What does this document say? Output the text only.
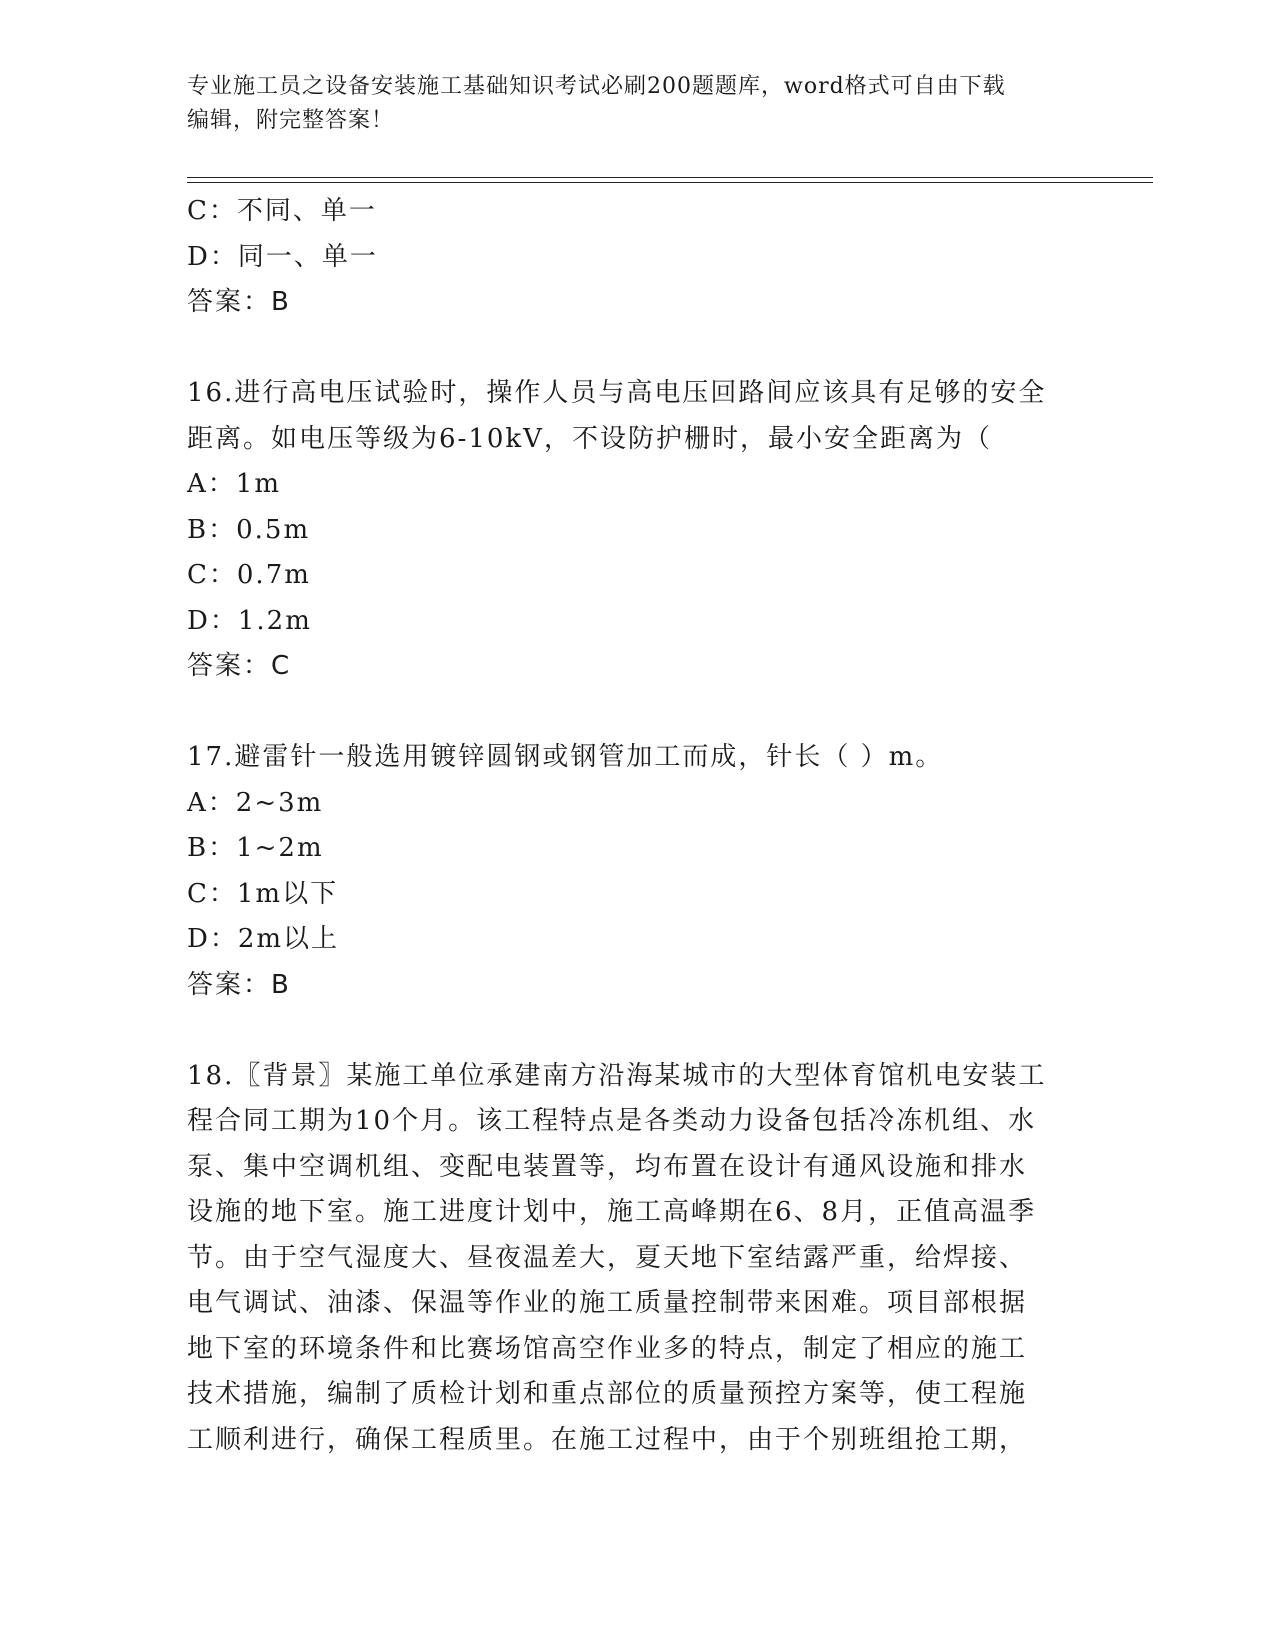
专业施工员之设备安装施工基础知识考试必刷200题题库，word格式可自由下载
编辑，附完整答案！
C：不同、单一
D：同一、单一
答案：B
16.进行高电压试验时，操作人员与高电压回路间应该具有足够的安全
距离。如电压等级为6-10kV，不设防护栅时，最小安全距离为（
A：1m
B：0.5m
C：0.7m
D：1.2m
答案：C
17.避雷针一般选用镀锌圆钢或钢管加工而成，针长（ ）m。
A：2~3m
B：1~2m
C：1m以下
D：2m以上
答案：B
18.〖背景〗某施工单位承建南方沿海某城市的大型体育馆机电安装工
程合同工期为10个月。该工程特点是各类动力设备包括冷冻机组、水
泵、集中空调机组、变配电装置等，均布置在设计有通风设施和排水
设施的地下室。施工进度计划中，施工高峰期在6、8月，正值高温季
节。由于空气湿度大、昼夜温差大，夏天地下室结露严重，给焊接、
电气调试、油漆、保温等作业的施工质量控制带来困难。项目部根据
地下室的环境条件和比赛场馆高空作业多的特点，制定了相应的施工
技术措施，编制了质检计划和重点部位的质量预控方案等，使工程施
工顺利进行，确保工程质里。在施工过程中，由于个别班组抢工期，
